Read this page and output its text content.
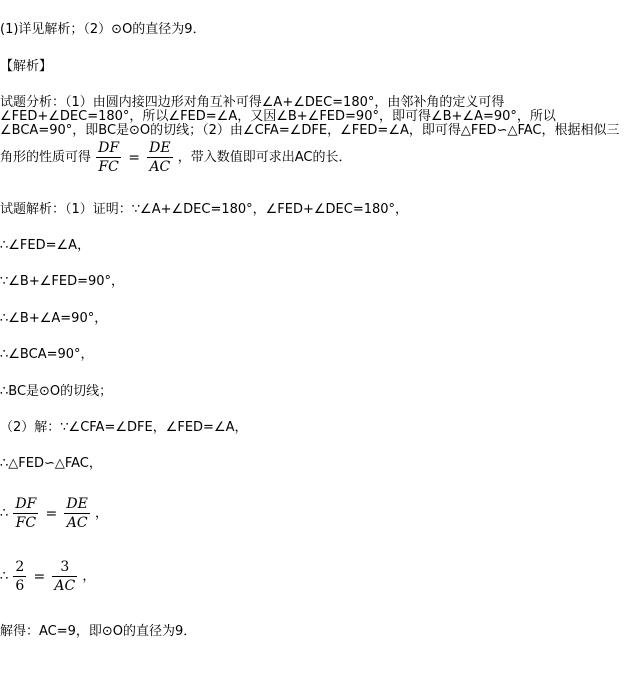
(1)详见解析；（2）⊙O的直径为9．
【解析】
试题分析：（1）由圆内接四边形对角互补可得∠A+∠DEC=180°，由邻补角的定义可得
∠FED+∠DEC=180°，所以∠FED=∠A，又因∠B+∠FED=90°，即可得∠B+∠A=90°，所以
∠BCA=90°，即BC是⊙O的切线；（2）由∠CFA=∠DFE，∠FED=∠A，即可得△FED∽△FAC，根据相似三
角形的性质可得 $\frac{DF}{FC} = \frac{DE}{AC}$ ，带入数值即可求出AC的长．
试题解析：（1）证明：∵∠A+∠DEC=180°，∠FED+∠DEC=180°，
∴∠FED=∠A，
∵∠B+∠FED=90°，
∴∠B+∠A=90°，
∴∠BCA=90°，
∴BC是⊙O的切线；
（2）解：∵∠CFA=∠DFE，∠FED=∠A，
∴△FED∽△FAC，
∴ $\frac{DF}{FC} = \frac{DE}{AC}$ ，
∴ $\frac{2}{6} = \frac{3}{AC}$ ，
解得：AC=9，即⊙O的直径为9．
